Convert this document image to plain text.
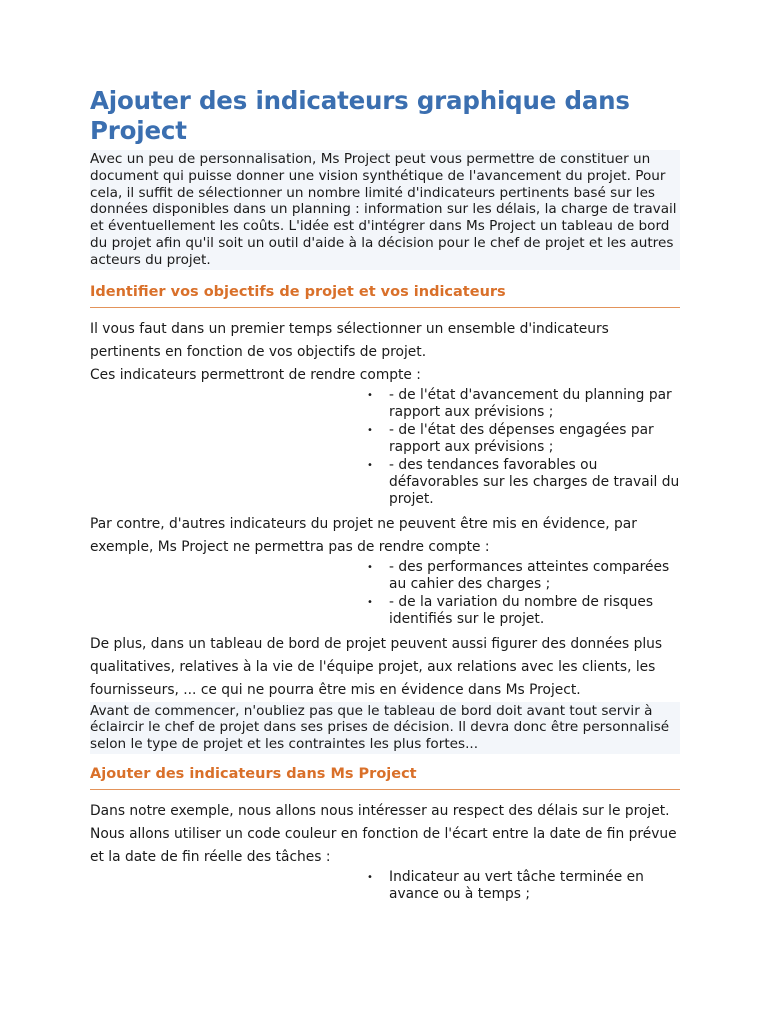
Ajouter des indicateurs graphique dans Project
Avec un peu de personnalisation, Ms Project peut vous permettre de constituer un document qui puisse donner une vision synthétique de l'avancement du projet. Pour cela, il suffit de sélectionner un nombre limité d'indicateurs pertinents basé sur les données disponibles dans un planning : information sur les délais, la charge de travail et éventuellement les coûts. L'idée est d'intégrer dans Ms Project un tableau de bord du projet afin qu'il soit un outil d'aide à la décision pour le chef de projet et les autres acteurs du projet.
Identifier vos objectifs de projet et vos indicateurs

Il vous faut dans un premier temps sélectionner un ensemble d'indicateurs pertinents en fonction de vos objectifs de projet.

Ces indicateurs permettront de rendre compte :

• - de l'état d'avancement du planning par rapport aux prévisions ;
• - de l'état des dépenses engagées par rapport aux prévisions ;
• - des tendances favorables ou défavorables sur les charges de travail du projet.

Par contre, d'autres indicateurs du projet ne peuvent être mis en évidence, par exemple, Ms Project ne permettra pas de rendre compte :

• - des performances atteintes comparées au cahier des charges ;
• - de la variation du nombre de risques identifiés sur le projet.

De plus, dans un tableau de bord de projet peuvent aussi figurer des données plus qualitatives, relatives à la vie de l'équipe projet, aux relations avec les clients, les fournisseurs, ... ce qui ne pourra être mis en évidence dans Ms Project.

Avant de commencer, n'oubliez pas que le tableau de bord doit avant tout servir à éclaircir le chef de projet dans ses prises de décision. Il devra donc être personnalisé selon le type de projet et les contraintes les plus fortes...
Ajouter des indicateurs dans Ms Project

Dans notre exemple, nous allons nous intéresser au respect des délais sur le projet. Nous allons utiliser un code couleur en fonction de l'écart entre la date de fin prévue et la date de fin réelle des tâches :

• Indicateur au vert tâche terminée en avance ou à temps ;
